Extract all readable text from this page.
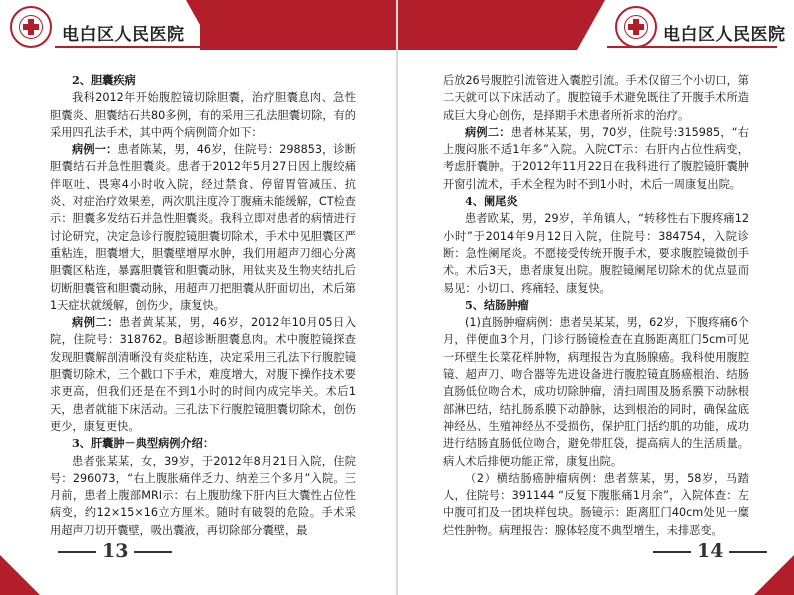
电白区人民医院
2、胆囊疾病

我科2012年开始腹腔镜切除胆囊，治疗胆囊息肉、急性胆囊炎、胆囊结石共80多例，有的采用三孔法胆囊切除，有的采用四孔法手术，其中两个病例简介如下：

病例一：患者陈某，男，46岁，住院号：298853，诊断胆囊结石并急性胆囊炎。患者于2012年5月27日因上腹绞痛伴呕吐、畏寒4小时收入院，经过禁食、停留胃管减压、抗炎、对症治疗效果差，两次肌注度冷丁腹痛未能缓解，CT检查示：胆囊多发结石并急性胆囊炎。我科立即对患者的病情进行讨论研究，决定急诊行腹腔镜胆囊切除术，手术中见胆囊区严重粘连，胆囊增大，胆囊壁增厚水肿，我们用超声刀细心分离胆囊区粘连，暴露胆囊管和胆囊动脉，用钛夹及生物夹结扎后切断胆囊管和胆囊动脉，用超声刀把胆囊从肝面切出，术后第1天症状就缓解，创伤少，康复快。

病例二：患者黄某某，男，46岁，2012年10月05日入院，住院号：318762。B超诊断胆囊息肉。术中腹腔镜探查发现胆囊解剖清晰没有炎症粘连，决定采用三孔法下行腹腔镜胆囊切除术，三个戳口下手术，难度增大，对腹下操作技术要求更高，但我们还是在不到1小时的时间内成完毕关。术后1天，患者就能下床活动。三孔法下行腹腔镜胆囊切除术，创伤更少，康复更快。

3、肝囊肿－典型病例介绍：

患者张某某，女，39岁，于2012年8月21日入院，住院号：296073，“右上腹胀痛伴乏力、纳差三个多月”入院。三月前，患者上腹部MRI示：右上腹肋缘下肝内巨大囊性占位性病变，约12×15×16立方厘米。随时有破裂的危险。手术采用超声刀切开囊壁，吸出囊液，再切除部分囊壁，最

13
电白区人民医院

后放26号腹腔引流管进入囊腔引流。手术仅留三个小切口，第二天就可以下床活动了。腹腔镜手术避免既往了开腹手术所造成巨大身心创伤，是择期手术患者所祈求的治疗。

病例二：患者林某某，男，70岁，住院号:315985，“右上腹闷胀不适1年多”入院。入院CT示：右肝内占位性病变，考虑肝囊肿。于2012年11月22日在我科进行了腹腔镜肝囊肿开窗引流术，手术全程为时不到1小时，术后一周康复出院。

4、阑尾炎

患者欧某，男，29岁，羊角镇人，“转移性右下腹疼痛12小时”于2014年9月12日入院，住院号：384754，入院诊断：急性阑尾炎。不愿接受传统开腹手术，要求腹腔镜微创手术。术后3天，患者康复出院。腹腔镜阑尾切除术的优点显而易见：小切口、疼痛轻、康复快。

5、结肠肿瘤

(1)直肠肿瘤病例：患者吴某某，男，62岁，下腹疼痛6个月，伴便血3个月，门诊行肠镜检查在直肠距离肛门5cm可见一环壁生长菜花样肿物，病理报告为直肠腺癌。我科使用腹腔镜、超声刀、吻合器等先进设备进行腹腔镜直肠癌根治、结肠直肠低位吻合术，成功切除肿瘤，清扫周围及肠系膜下动脉根部淋巴结，结扎肠系膜下动静脉，达到根治的同时，确保盆底神经丛、生殖神经丛不受损伤，保护肛门括约肌的功能，成功进行结肠直肠低位吻合，避免带肛袋，提高病人的生活质量。病人术后排便功能正常，康复出院。

（2）横结肠癌肿瘤病例：患者蔡某，男，58岁，马踏人，住院号：391144 “反复下腹胀痛1月余”，入院体查：左中腹可扪及一团块样包块。肠镜示：距离肛门40cm处见一糜烂性肿物。病理报告：腺体轻度不典型增生，未排恶变。

14
